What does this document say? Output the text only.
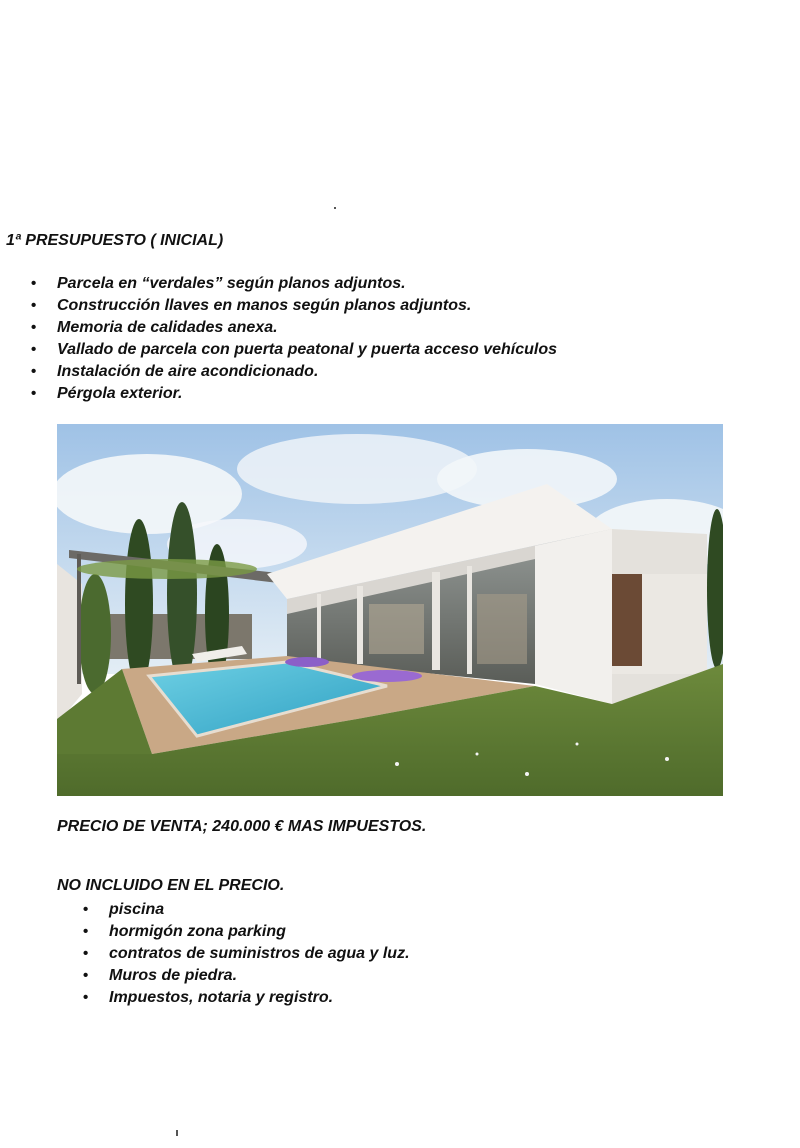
1ª PRESUPUESTO ( INICIAL)

• Parcela en “verdales” según planos adjuntos.
• Construcción llaves en manos según planos adjuntos.
• Memoria de calidades anexa.
• Vallado de parcela con puerta peatonal y puerta acceso vehículos
• Instalación de aire acondicionado.
• Pérgola exterior.

PRECIO DE VENTA; 240.000 € MAS IMPUESTOS.

NO INCLUIDO EN EL PRECIO.

• piscina
• hormigón zona parking
• contratos de suministros de agua y luz.
• Muros de piedra.
• Impuestos, notaria y registro.
